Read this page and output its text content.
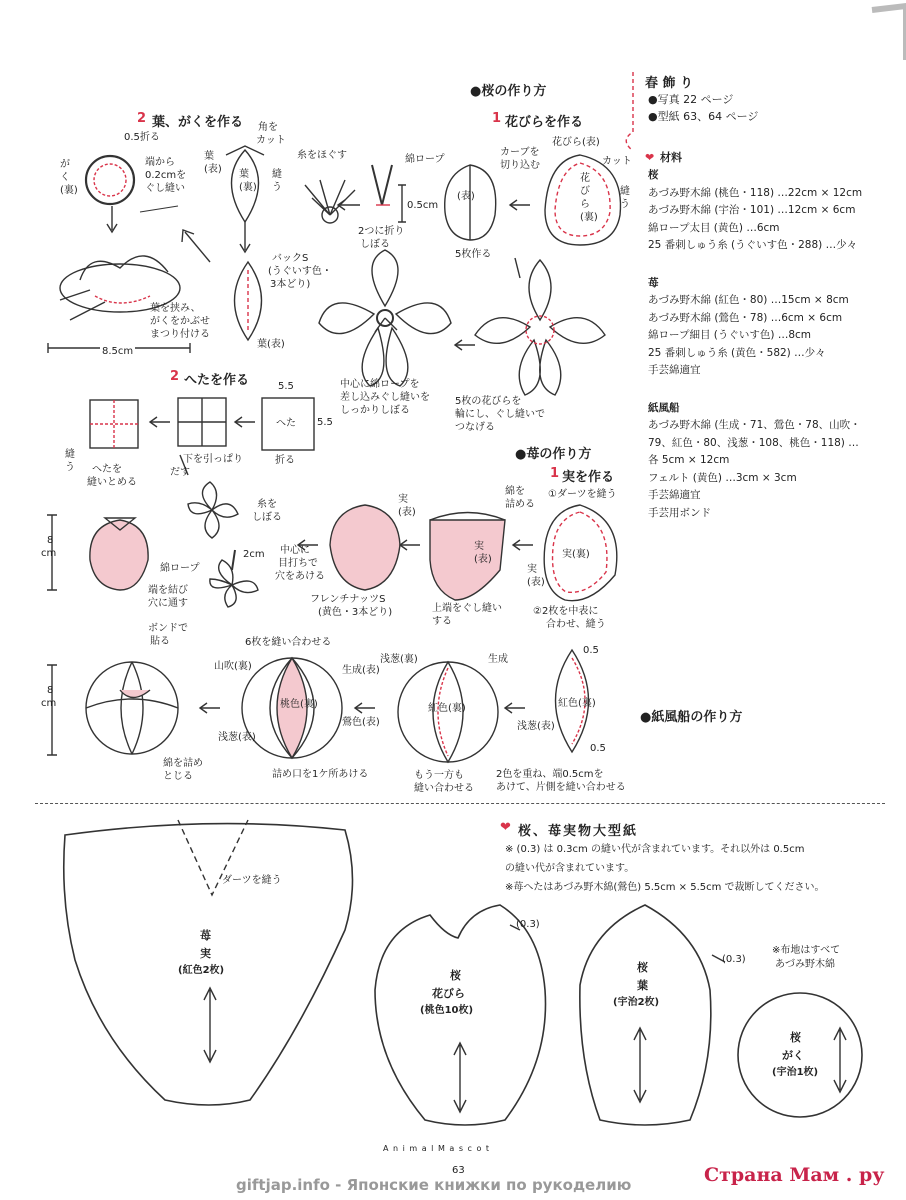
春 飾 り
●写真 22 ページ
●型紙 63、64 ページ
❤ 材料
桜
あづみ野木綿 (桃色・118) …22cm × 12cm
あづみ野木綿 (宇治・101) …12cm × 6cm
綿ロープ太目 (黄色) …6cm
25 番刺しゅう糸 (うぐいす色・288) …少々
苺
あづみ野木綿 (紅色・80) …15cm × 8cm
あづみ野木綿 (鶯色・78) …6cm × 6cm
綿ロープ細目 (うぐいす色) …8cm
25 番刺しゅう糸 (黄色・582) …少々
手芸綿適宜
紙風船
あづみ野木綿 (生成・71、鶯色・78、山吹・
79、紅色・80、浅葱・108、桃色・118) …
各 5cm × 12cm
フェルト (黄色) …3cm × 3cm
手芸綿適宜
手芸用ボンド
●桜の作り方
1 花びらを作る
2 葉、がくを作る
2 へたを作る
●苺の作り方
1 実を作る
●紙風船の作り方
0.5折る
がく(裏)
端から
0.2cmを
ぐし縫い
角を
カット
葉(表) 葉(裏)
縫う
糸をほぐす	綿ロープ
0.5cm
2つに折り
しぼる
カーブを
切り込む
花びら(表)
(表)
花びら(裏)
カット
縫う
5枚作る
バックS
(うぐいす色・
3本どり)
葉(表)
葉を挟み、
がくをかぶせ
まつり付ける
8.5cm
中心に綿ロープを
差し込みぐし縫いを
しっかりしぼる
5枚の花びらを
輪にし、ぐし縫いで
つなげる
5.5
5.5
へた
折る
下を引っぱり
だす
縫う へたを
縫いとめる
糸を
しぼる
2cm 中心に
目打ちで
穴をあける
綿ロープ
端を結び
穴に通す
8
cm
フレンチナッツS
(黄色・3本どり)
実(表)
実(表)
綿を
詰める
上端をぐし縫い
する
①ダーツを縫う
実(裏)
実(表)
②2枚を中表に
合わせ、縫う
ボンドで
貼る	6枚を縫い合わせる
山吹(裏)	生成(表)
桃色(裏)
鶯色(表)
浅葱(表)
綿を詰め
とじる	詰め口を1ケ所あける
8
cm
浅葱(裏)	生成
紅色(裏)
もう一方も
縫い合わせる
0.5
0.5
紅色(裏)
浅葱(表)
2色を重ね、端0.5cmを
あけて、片側を縫い合わせる
❤ 桜、苺実物大型紙
※ (0.3) は 0.3cm の縫い代が含まれています。それ以外は 0.5cm
の縫い代が含まれています。
※苺へたはあづみ野木綿(鶯色) 5.5cm × 5.5cm で裁断してください。
※布地はすべて
あづみ野木綿
ダーツを縫う
苺
実
(紅色2枚)	桜
花びら
(桃色10枚)
桜
葉
(宇治2枚)
桜
がく
(宇治1枚)
(0.3)
(0.3)
A n i m a l M a s c o t
63
giftjap.info - Японские книжки по рукоделию	Страна Мам . ру
